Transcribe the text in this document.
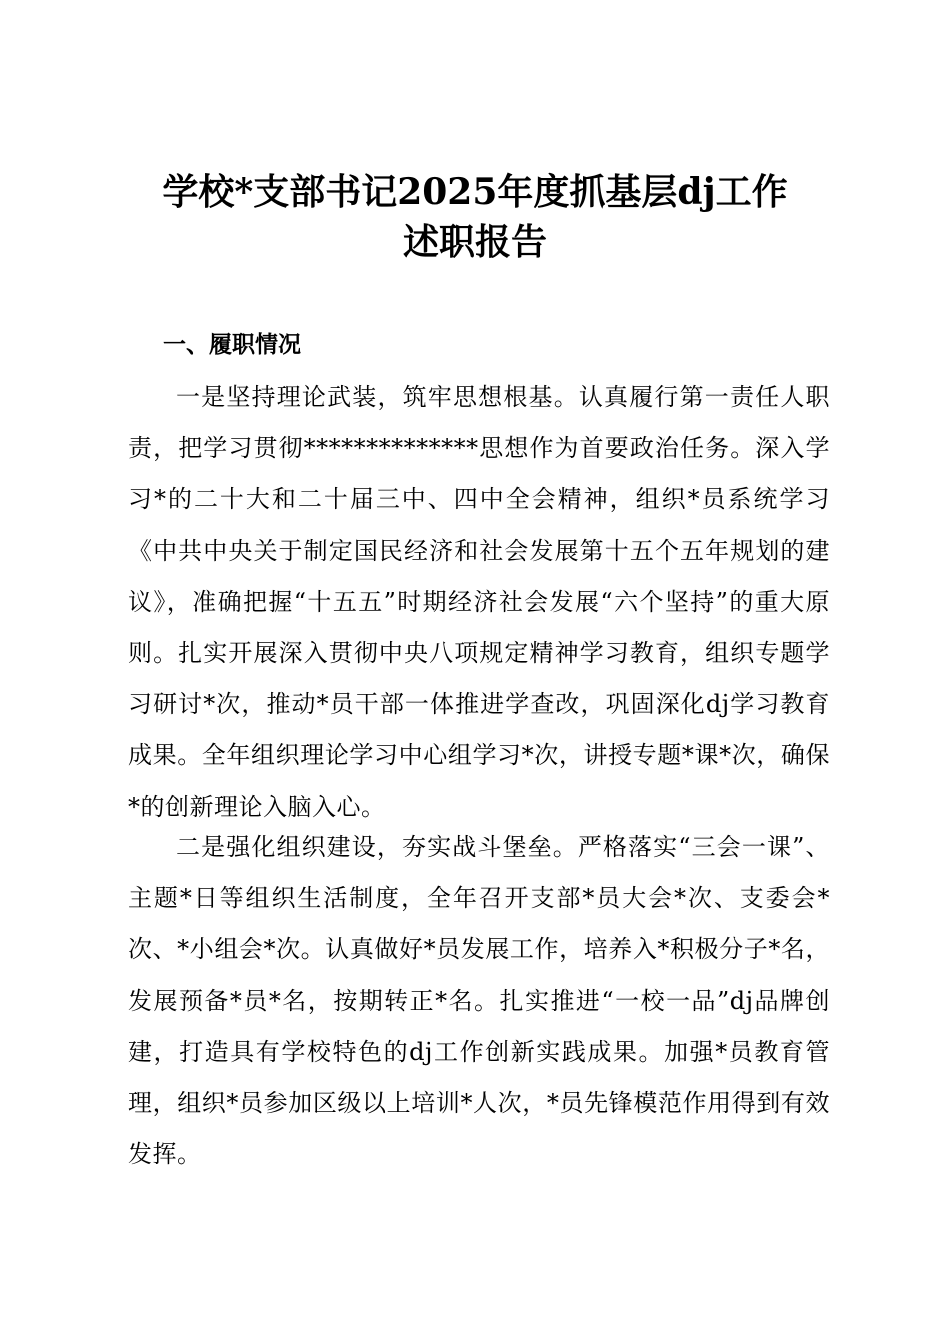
学校*支部书记2025年度抓基层dj工作
述职报告
一、履职情况

一是坚持理论武装，筑牢思想根基。认真履行第一责任人职责，把学习贯彻**************思想作为首要政治任务。深入学习*的二十大和二十届三中、四中全会精神，组织*员系统学习《中共中央关于制定国民经济和社会发展第十五个五年规划的建议》，准确把握“十五五”时期经济社会发展“六个坚持”的重大原则。扎实开展深入贯彻中央八项规定精神学习教育，组织专题学习研讨*次，推动*员干部一体推进学查改，巩固深化dj学习教育成果。全年组织理论学习中心组学习*次，讲授专题*课*次，确保*的创新理论入脑入心。

二是强化组织建设，夯实战斗堡垒。严格落实“三会一课”、主题*日等组织生活制度，全年召开支部*员大会*次、支委会*次、*小组会*次。认真做好*员发展工作，培养入*积极分子*名，发展预备*员*名，按期转正*名。扎实推进“一校一品”dj品牌创建，打造具有学校特色的dj工作创新实践成果。加强*员教育管理，组织*员参加区级以上培训*人次，*员先锋模范作用得到有效发挥。
